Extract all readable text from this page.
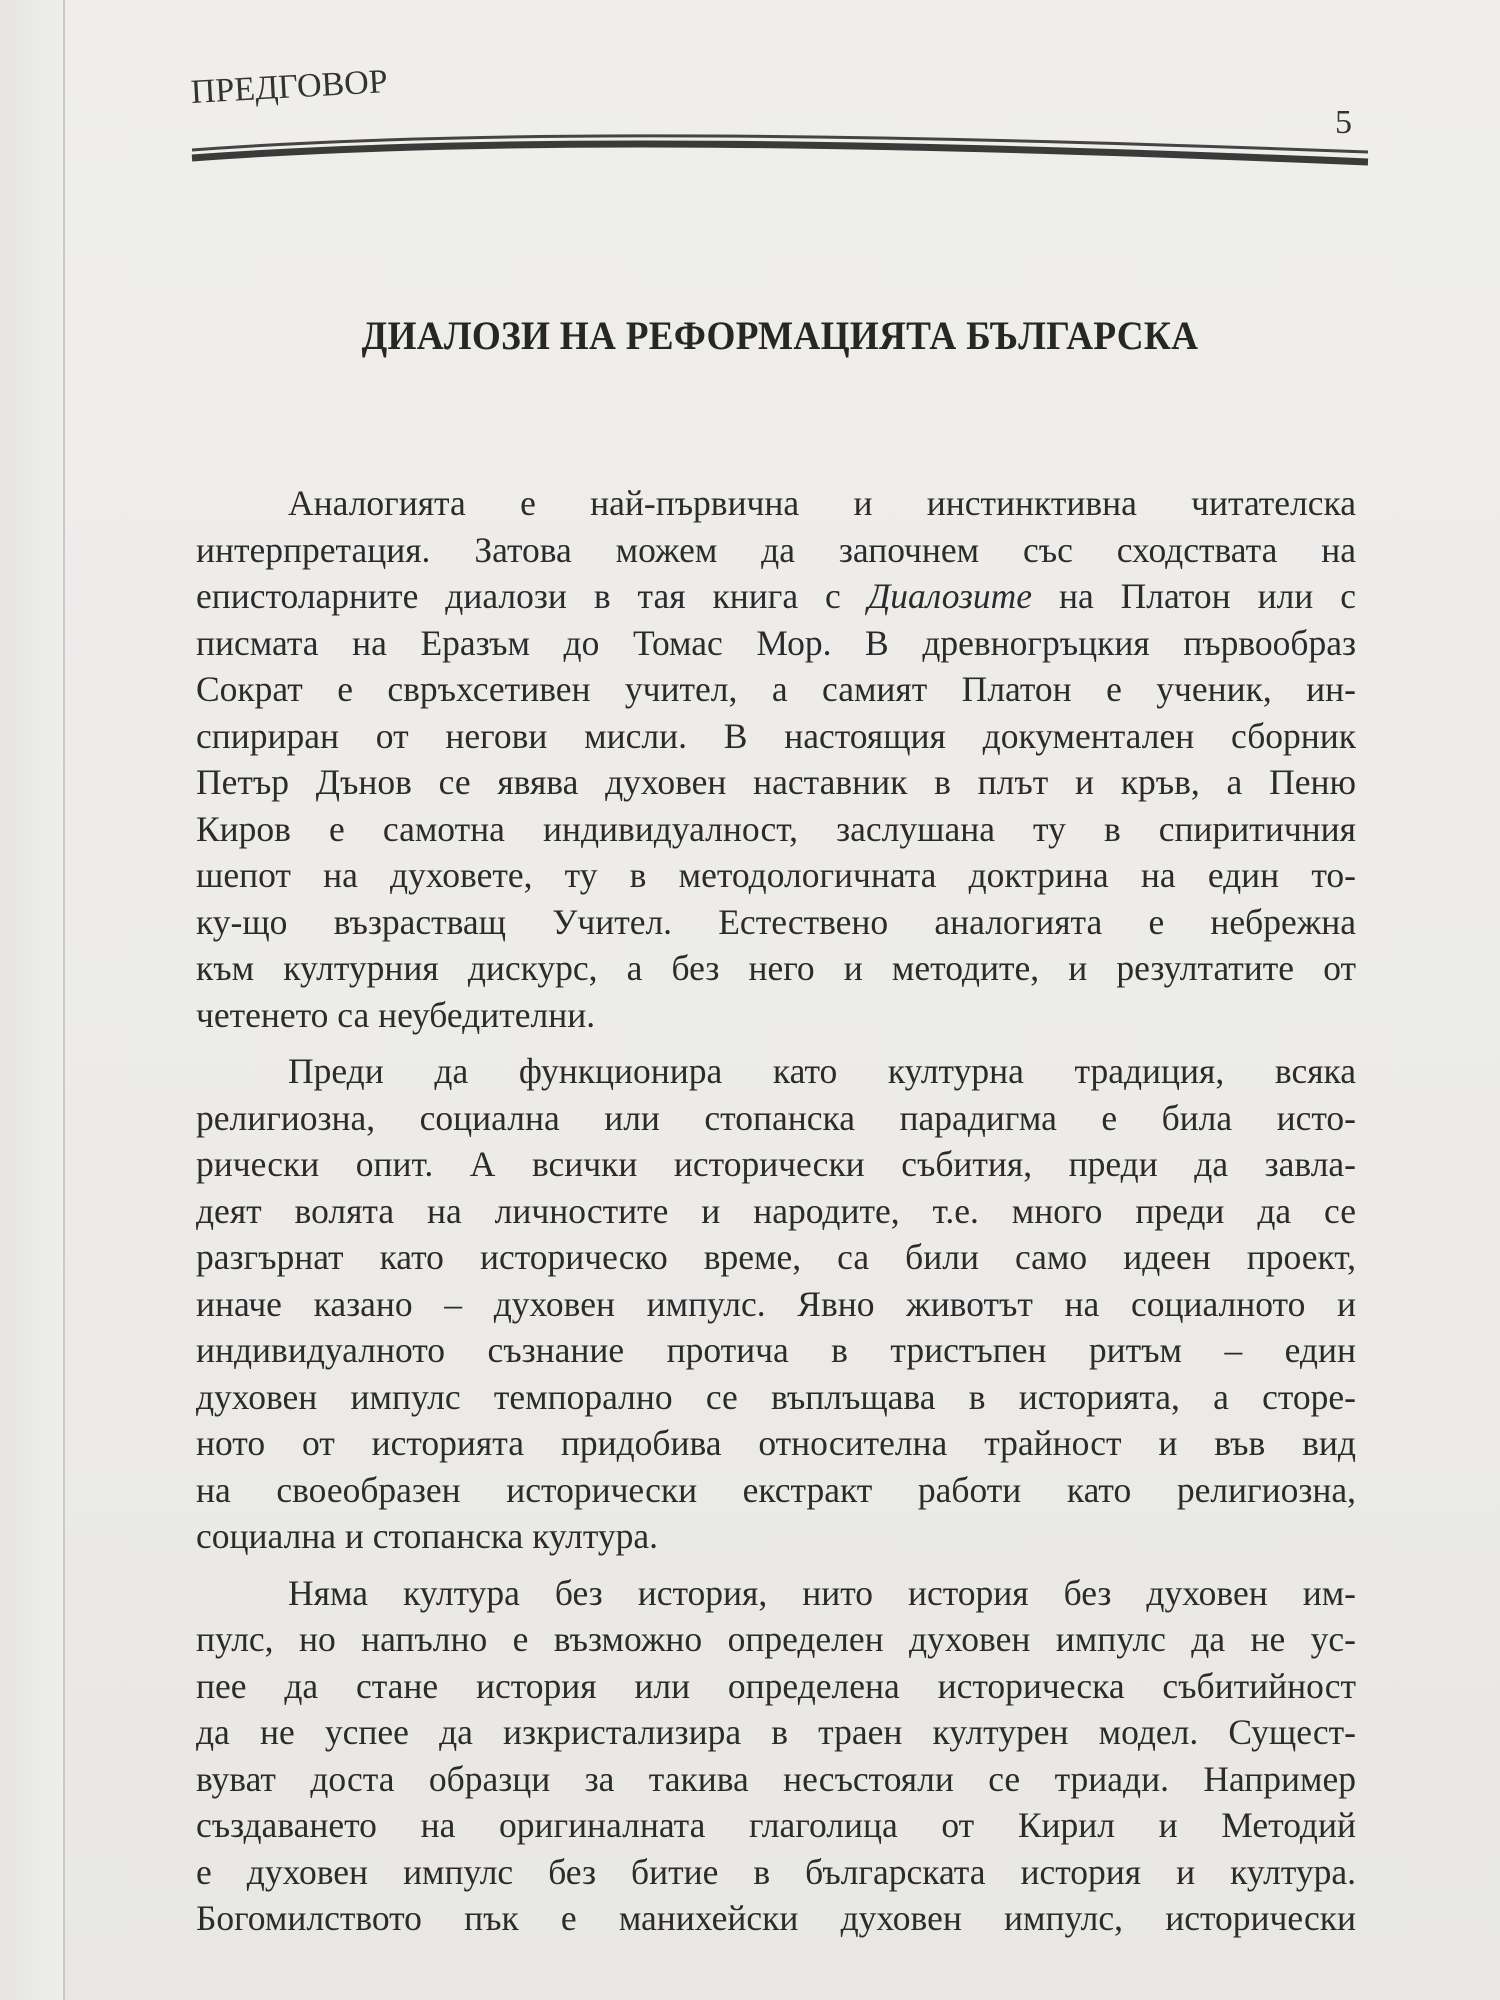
ПРЕДГОВОР
5
ДИАЛОЗИ НА РЕФОРМАЦИЯТА БЪЛГАРСКА
Аналогията е най-първична и инстинктивна читателска
интерпретация. Затова можем да започнем със сходствата на
епистоларните диалози в тая книга с Диалозите на Платон или с
писмата на Еразъм до Томас Мор. В древногръцкия първообраз
Сократ е свръхсетивен учител, а самият Платон е ученик, ин-
спириран от негови мисли. В настоящия документален сборник
Петър Дънов се явява духовен наставник в плът и кръв, а Пеню
Киров е самотна индивидуалност, заслушана ту в спиритичния
шепот на духовете, ту в методологичната доктрина на един то-
ку-що възрастващ Учител. Естествено аналогията е небрежна
към културния дискурс, а без него и методите, и резултатите от
четенето са неубедителни.
Преди да функционира като културна традиция, всяка
религиозна, социална или стопанска парадигма е била исто-
рически опит. А всички исторически събития, преди да завла-
деят волята на личностите и народите, т.е. много преди да се
разгърнат като историческо време, са били само идеен проект,
иначе казано – духовен импулс. Явно животът на социалното и
индивидуалното съзнание протича в тристъпен ритъм – един
духовен импулс темпорално се въплъщава в историята, а сторе-
ното от историята придобива относителна трайност и във вид
на своеобразен исторически екстракт работи като религиозна,
социална и стопанска култура.
Няма култура без история, нито история без духовен им-
пулс, но напълно е възможно определен духовен импулс да не ус-
пее да стане история или определена историческа събитийност
да не успее да изкристализира в траен културен модел. Сущест-
вуват доста образци за такива несъстояли се триади. Например
създаването на оригиналната глаголица от Кирил и Методий
е духовен импулс без битие в българската история и култура.
Богомилството пък е манихейски духовен импулс, исторически
